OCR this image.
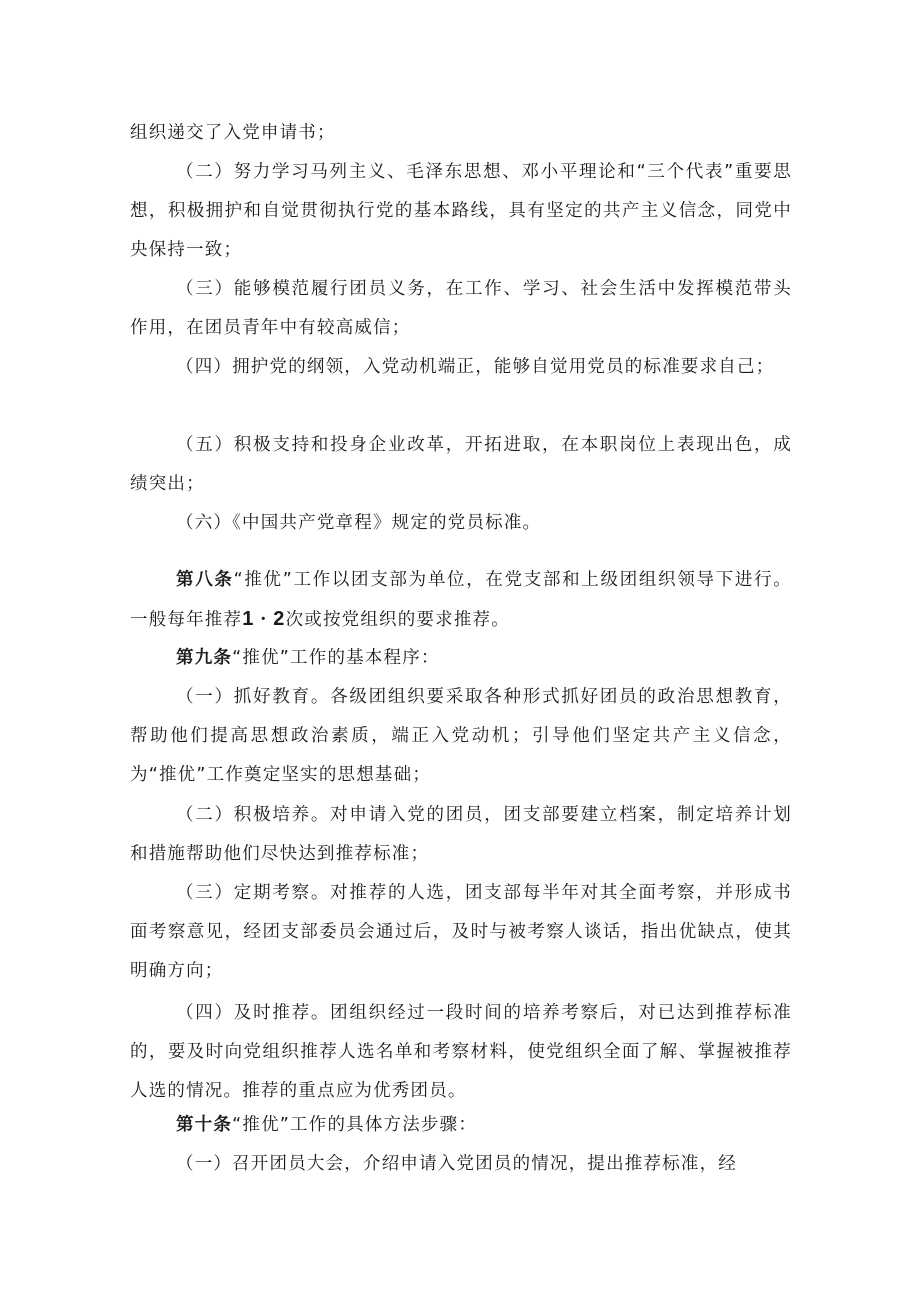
组织递交了入党申请书；

（二）努力学习马列主义、毛泽东思想、邓小平理论和“三个代表”重要思想，积极拥护和自觉贯彻执行党的基本路线，具有坚定的共产主义信念，同党中央保持一致；

（三）能够模范履行团员义务，在工作、学习、社会生活中发挥模范带头作用，在团员青年中有较高威信；

（四）拥护党的纲领，入党动机端正，能够自觉用党员的标准要求自己；

（五）积极支持和投身企业改革，开拓进取，在本职岗位上表现出色，成绩突出；

（六）《中国共产党章程》规定的党员标准。

第八条“推优”工作以团支部为单位，在党支部和上级团组织领导下进行。一般每年推荐1・2次或按党组织的要求推荐。

第九条“推优”工作的基本程序：

（一）抓好教育。各级团组织要采取各种形式抓好团员的政治思想教育，帮助他们提高思想政治素质，端正入党动机；引导他们坚定共产主义信念，为“推优”工作奠定坚实的思想基础；

（二）积极培养。对申请入党的团员，团支部要建立档案，制定培养计划和措施帮助他们尽快达到推荐标准；

（三）定期考察。对推荐的人选，团支部每半年对其全面考察，并形成书面考察意见，经团支部委员会通过后，及时与被考察人谈话，指出优缺点，使其明确方向；

（四）及时推荐。团组织经过一段时间的培养考察后，对已达到推荐标准的，要及时向党组织推荐人选名单和考察材料，使党组织全面了解、掌握被推荐人选的情况。推荐的重点应为优秀团员。

第十条“推优”工作的具体方法步骤：

（一）召开团员大会，介绍申请入党团员的情况，提出推荐标准，经
